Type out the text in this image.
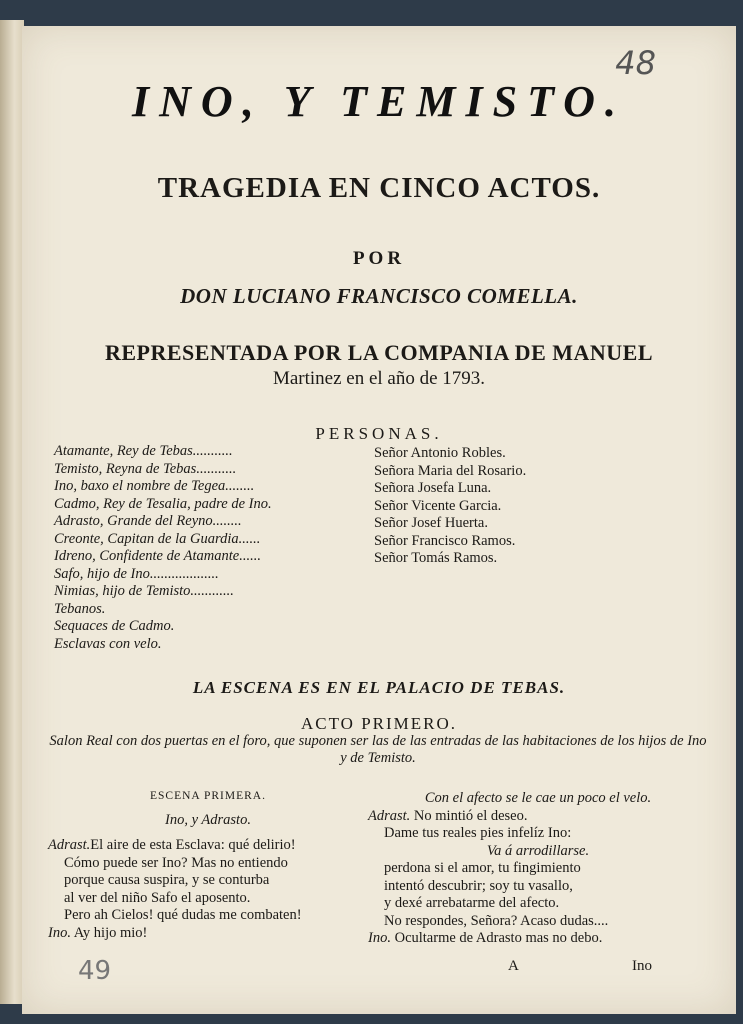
48
INO, Y TEMISTO.
TRAGEDIA EN CINCO ACTOS.
POR
DON LUCIANO FRANCISCO COMELLA.
REPRESENTADA POR LA COMPANIA DE MANUEL
Martinez en el año de 1793.
PERSONAS.
Atamante, Rey de Tebas...........
Temisto, Reyna de Tebas...........
Ino, baxo el nombre de Tegea........
Cadmo, Rey de Tesalia, padre de Ino.
Adrasto, Grande del Reyno........
Creonte, Capitan de la Guardia......
Idreno, Confidente de Atamante......
Safo, hijo de Ino...................
Nimias, hijo de Temisto............
Tebanos.
Sequaces de Cadmo.
Esclavas con velo.
Señor Antonio Robles.
Señora Maria del Rosario.
Señora Josefa Luna.
Señor Vicente Garcia.
Señor Josef Huerta.
Señor Francisco Ramos.
Señor Tomás Ramos.
LA ESCENA ES EN EL PALACIO DE TEBAS.
ACTO PRIMERO.
Salon Real con dos puertas en el foro, que suponen ser las de las entradas de las habitaciones de los hijos de Ino y de Temisto.
ESCENA PRIMERA.
Ino, y Adrasto.
Adrast.El aire de esta Esclava: qué delirio!
Cómo puede ser Ino? Mas no entiendo
porque causa suspira, y se conturba
al ver del niño Safo el aposento.
Pero ah Cielos! qué dudas me combaten!
Ino. Ay hijo mio!
Con el afecto se le cae un poco el velo.
Adrast. No mintió el deseo.
Dame tus reales pies infelíz Ino:
Va á arrodillarse.
perdona si el amor, tu fingimiento
intentó descubrir; soy tu vasallo,
y dexé arrebatarme del afecto.
No respondes, Señora? Acaso dudas....
Ino. Ocultarme de Adrasto mas no debo.
A	Ino
49
